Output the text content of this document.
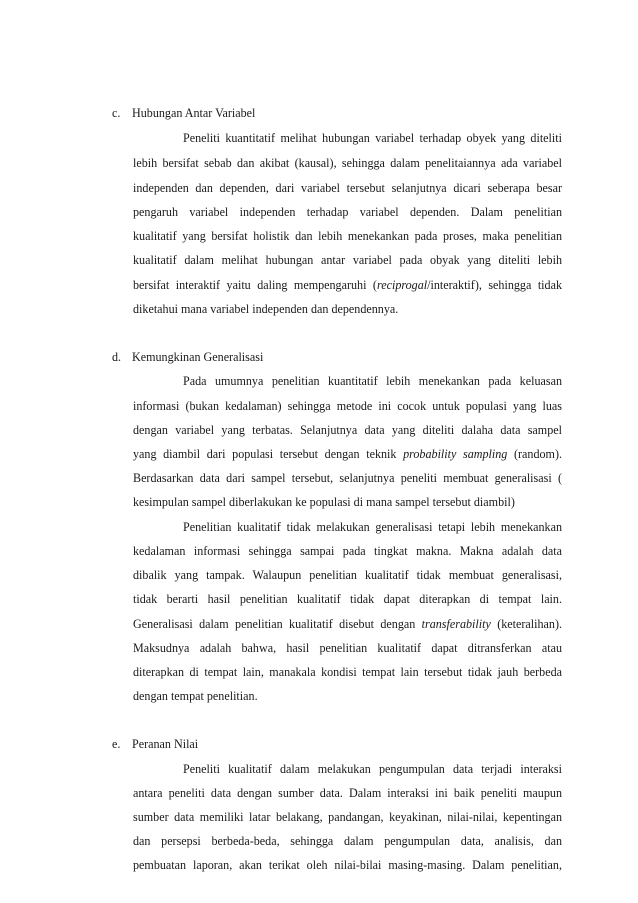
c. Hubungan Antar Variabel
Peneliti kuantitatif melihat hubungan variabel terhadap obyek yang diteliti
lebih bersifat sebab dan akibat (kausal), sehingga dalam penelitaiannya ada variabel
independen dan dependen, dari variabel tersebut selanjutnya dicari seberapa besar
pengaruh variabel independen terhadap variabel dependen. Dalam penelitian
kualitatif yang bersifat holistik dan lebih menekankan pada proses, maka penelitian
kualitatif dalam melihat hubungan antar variabel pada obyak yang diteliti lebih
bersifat interaktif yaitu daling mempengaruhi (reciprogal/interaktif), sehingga tidak
diketahui mana variabel independen dan dependennya.
d. Kemungkinan Generalisasi
Pada umumnya penelitian kuantitatif lebih menekankan pada keluasan
informasi (bukan kedalaman) sehingga metode ini cocok untuk populasi yang luas
dengan variabel yang terbatas. Selanjutnya data yang diteliti dalaha data sampel
yang diambil dari populasi tersebut dengan teknik probability sampling (random).
Berdasarkan data dari sampel tersebut, selanjutnya peneliti membuat generalisasi (
kesimpulan sampel diberlakukan ke populasi di mana sampel tersebut diambil)
Penelitian kualitatif tidak melakukan generalisasi tetapi lebih menekankan
kedalaman informasi sehingga sampai pada tingkat makna. Makna adalah data
dibalik yang tampak. Walaupun penelitian kualitatif tidak membuat generalisasi,
tidak berarti hasil penelitian kualitatif tidak dapat diterapkan di tempat lain.
Generalisasi dalam penelitian kualitatif disebut dengan transferability (keteralihan).
Maksudnya adalah bahwa, hasil penelitian kualitatif dapat ditransferkan atau
diterapkan di tempat lain, manakala kondisi tempat lain tersebut tidak jauh berbeda
dengan tempat penelitian.
e. Peranan Nilai
Peneliti kualitatif dalam melakukan pengumpulan data terjadi interaksi
antara peneliti data dengan sumber data. Dalam interaksi ini baik peneliti maupun
sumber data memiliki latar belakang, pandangan, keyakinan, nilai-nilai, kepentingan
dan persepsi berbeda-beda, sehingga dalam pengumpulan data, analisis, dan
pembuatan laporan, akan terikat oleh nilai-bilai masing-masing. Dalam penelitian,
